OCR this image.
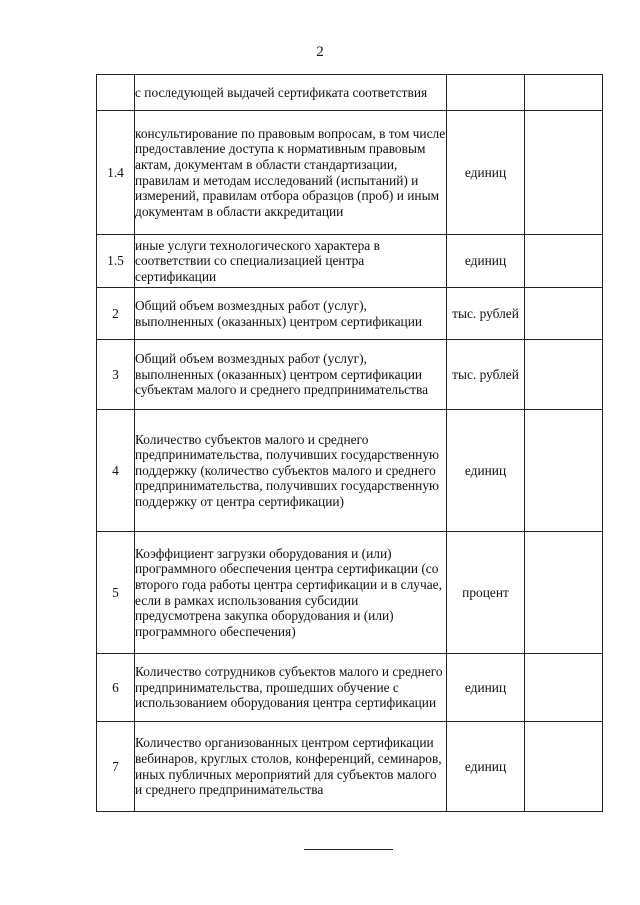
2
	с последующей выдачей сертификата соответствия		
1.4	консультирование по правовым вопросам, в том числе предоставление доступа к нормативным правовым актам, документам в области стандартизации, правилам и методам исследований (испытаний) и измерений, правилам отбора образцов (проб) и иным документам в области аккредитации	единиц	
1.5	иные услуги технологического характера в соответствии со специализацией центра сертификации	единиц	
2	Общий объем возмездных работ (услуг), выполненных (оказанных) центром сертификации	тыс. рублей	
3	Общий объем возмездных работ (услуг), выполненных (оказанных) центром сертификации субъектам малого и среднего предпринимательства	тыс. рублей	
4	Количество субъектов малого и среднего предпринимательства, получивших государственную поддержку (количество субъектов малого и среднего предпринимательства, получивших государственную поддержку от центра сертификации)	единиц	
5	Коэффициент загрузки оборудования и (или) программного обеспечения центра сертификации (со второго года работы центра сертификации и в случае, если в рамках использования субсидии предусмотрена закупка оборудования и (или) программного обеспечения)	процент	
6	Количество сотрудников субъектов малого и среднего предпринимательства, прошедших обучение с использованием оборудования центра сертификации	единиц	
7	Количество организованных центром сертификации вебинаров, круглых столов, конференций, семинаров, иных публичных мероприятий для субъектов малого и среднего предпринимательства	единиц	
